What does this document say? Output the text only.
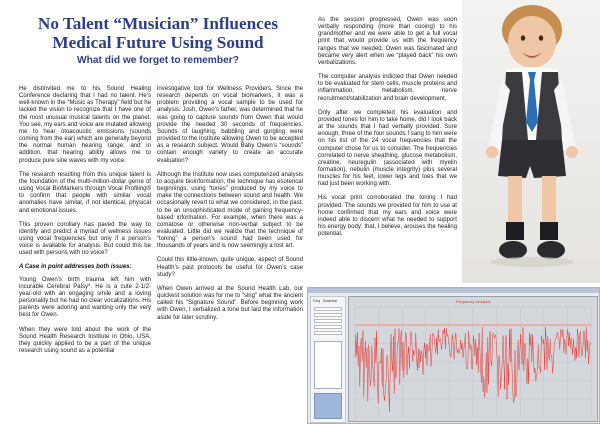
No Talent “Musician” Influences
Medical Future Using Sound
What did we forget to remember?

He distinvited me to his Sound Healing Conference declaring that I had no talent. He’s well-known in the “Music as Therapy” field but he lacked the vision to recognize that I have one of the most unusual musical talents on the planet. You see, my ears and voice are mutated allowing me to hear otoacoustic emissions (sounds coming from the ear) which are generally beyond the normal human hearing range; and in addition, that hearing ability allows me to produce pure sine waves with my voice.

The research resulting from this unique talent is the foundation of the multi-million-dollar genre of using Vocal BioMarkers through Vocal Profiling® to confirm that people with similar vocal anomalies have similar, if not identical, physical and emotional issues.

This proven corollary has paved the way to identify and predict a myriad of wellness issues using vocal frequencies but only if a person’s voice is available for analysis. But could this be used with persons with no voice?

A Case in point addresses both issues:

Young Owen’s birth trauma left him with incurable Cerebral Palsy*. He is a cute 2-1/2-year-old with an engaging smile and a loving personality but he had no clear vocalizations. His parents were adoring and wanting only the very best for Owen.

When they were told about the work of the Sound Health Research Institute in Ohio, USA, they quickly applied to be a part of the unique research using sound as a potential

investigative tool for Wellness Providers. Since the research depends on vocal biomarkers, it was a problem providing a vocal sample to be used for analysis. Josh, Owen’s father, was determined that he was going to capture sounds from Owen that would provide the needed 30 seconds of frequencies. Sounds of laughing, babbling and gurgling were provided to the Institute allowing Owen to be accepted as a research subject. Would Baby Owen’s “sounds” contain enough variety to create an accurate evaluation?

Although the Institute now uses computerized analysis to acquire bioinformation, the technique has esoterical beginnings; using “tones” produced by my voice to make the connections between sound and health. We occasionally revert to what we considered, in the past, to be an unsophisticated mode of gaining frequency-based information. For example, when there was a comatose or otherwise non-verbal subject to be evaluated. Little did we realize that the technique of “toning” a person’s sound had been used for thousands of years and is now seemingly a lost art.

Could this little-known, quite unique, aspect of Sound Health’s past protocols be useful for Owen’s case study?

When Owen arrived at the Sound Health Lab, our quickest solution was for me to “sing” what the ancient called his “Signature Sound”. Before beginning work with Owen, I verbalized a tone but laid the information aside for later scrutiny.

As the session progressed, Owen was soon verbally responding (more than cooing) to his grandmother and we were able to get a full vocal print that would provide us with the frequency ranges that we needed. Owen was fascinated and became very alert when we “played back” his own verbalizations.

The computer analysis indicted that Owen needed to be evaluated for stem cells, muscle proteins and inflammation, metabolism, nerve recruitment/stabilization and brain development.

Only after we completed his evaluation and provided tones for him to take home, did I look back at the sounds that I had verbally provided. Sure enough, three of the four sounds I sang to him were on his list of the 24 vocal frequencies that the computer chose for us to consider. The frequencies correlated to nerve sheathing, glucose metabolism, creatine, neuregulin (associated with myelin formation), nebulin (muscle integrity) plus several muscles for his feet, lower legs and toes that we had just been working with.

His vocal print corroborated the toning I had provided. The sounds we provided for him to use at home confirmed that my ears and voice were indeed able to discern what he needed to support his energy body: that, I believe, arouses the healing potential.

Freq Essential	Frequency Analysis
